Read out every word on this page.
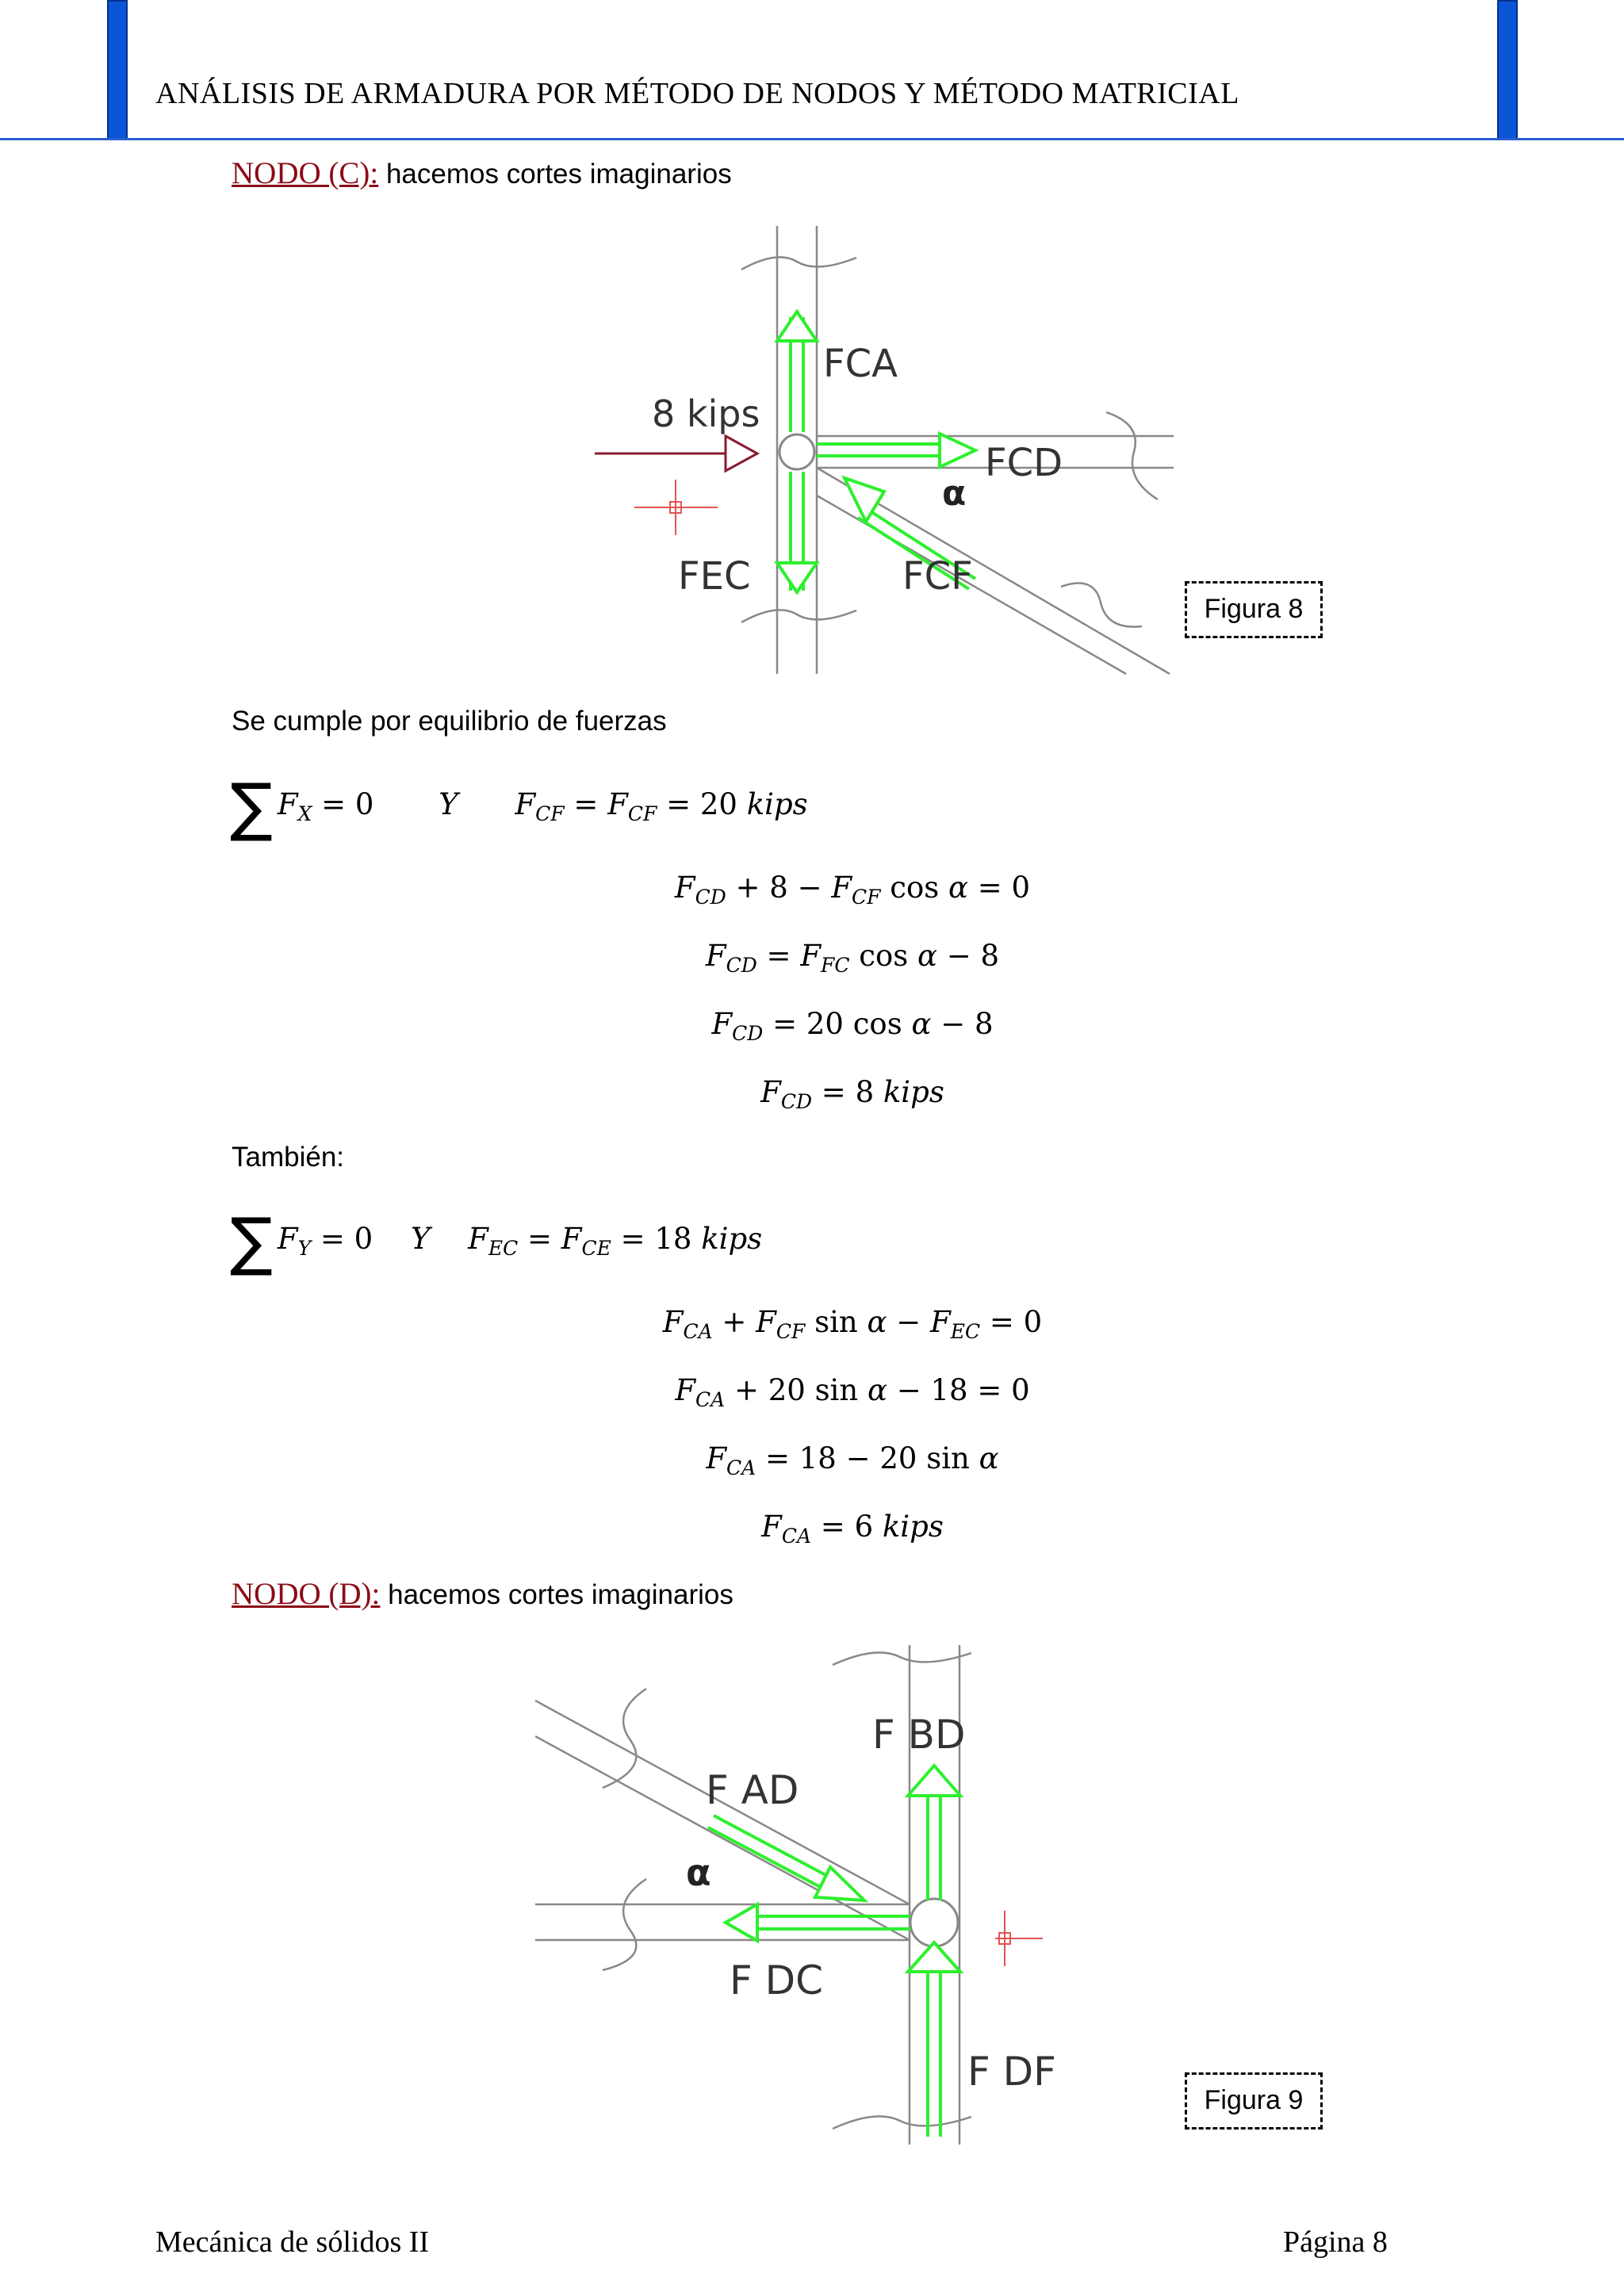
ANÁLISIS DE ARMADURA POR MÉTODO DE NODOS Y MÉTODO MATRICIAL
NODO (C): hacemos cortes imaginarios
8 kips
FCA
FCD
FEC	FCF
α
Figura 8
Se cumple por equilibrio de fuerzas
∑ $F_X = 0$ Y $F_{CF} = F_{CF} = 20$ kips
$F_{CD} + 8 - F_{CF}$ cos α = 0
$F_{CD} = F_{FC}$ cos α − 8
$F_{CD} = 20$ cos α − 8
$F_{CD} = 8$ kips
También:
∑ $F_Y = 0$ Y $F_{EC} = F_{CE} = 18$ kips
$F_{CA} + F_{CF}$ $\sin \alpha - F_{EC} = 0$
$F_{CA} + 20$ sin α − 18 = 0
$F_{CA} = 18 - 20$ sin α
$F_{CA} = 6$ kips
NODO (D): hacemos cortes imaginarios
F BD
F AD
F DC
F DF
α
Figura 9
Mecánica de sólidos II	Página 8
